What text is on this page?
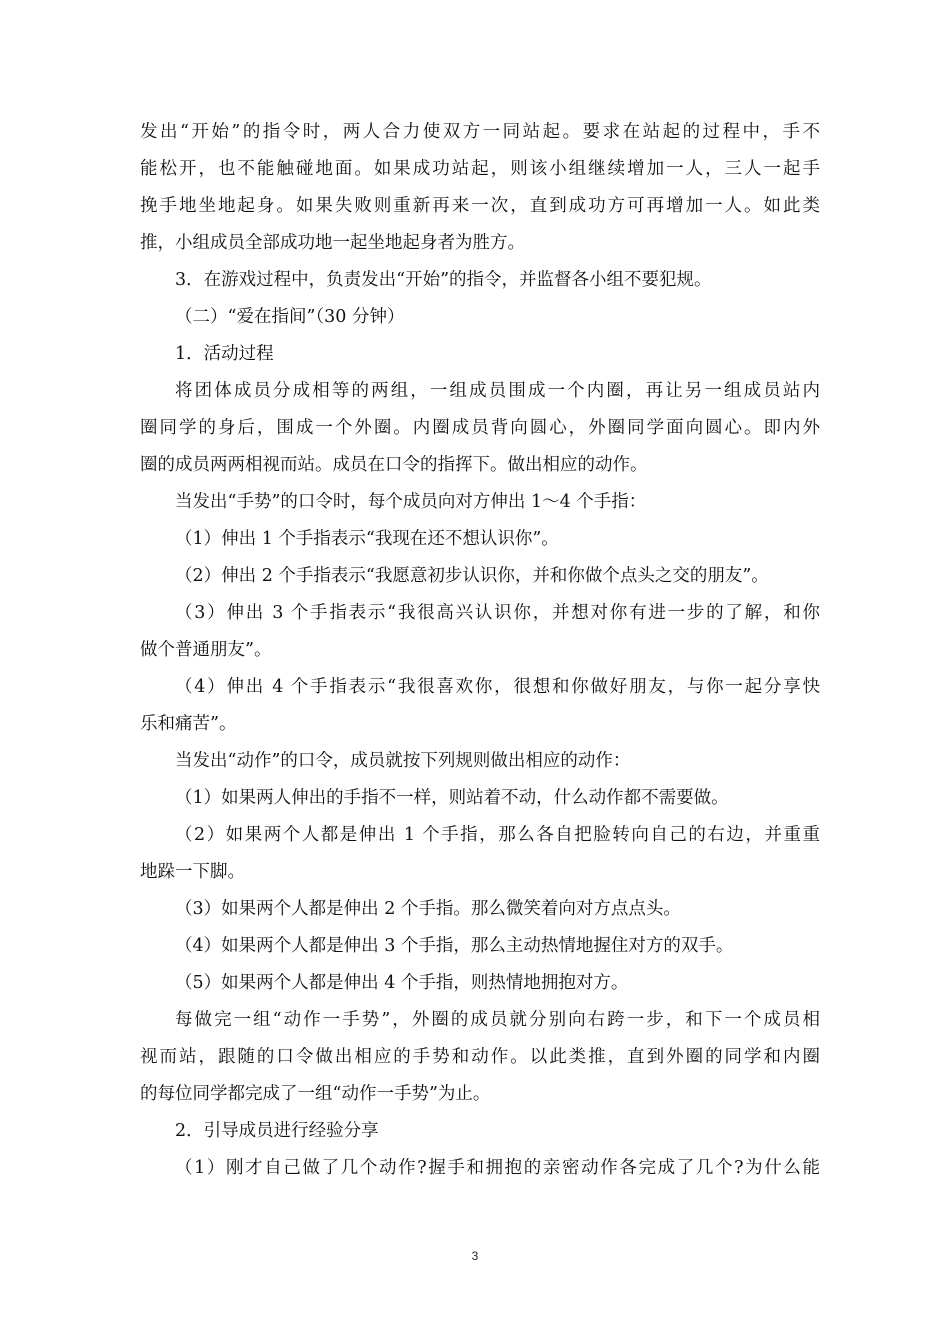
发出“开始”的指令时，两人合力使双方一同站起。要求在站起的过程中，手不
能松开，也不能触碰地面。如果成功站起，则该小组继续增加一人，三人一起手
挽手地坐地起身。如果失败则重新再来一次，直到成功方可再增加一人。如此类
推，小组成员全部成功地一起坐地起身者为胜方。
3．在游戏过程中，负责发出“开始”的指令，并监督各小组不要犯规。
（二）“爱在指间”（30 分钟）
1．活动过程
将团体成员分成相等的两组，一组成员围成一个内圈，再让另一组成员站内
圈同学的身后，围成一个外圈。内圈成员背向圆心，外圈同学面向圆心。即内外
圈的成员两两相视而站。成员在口令的指挥下。做出相应的动作。
当发出“手势”的口令时，每个成员向对方伸出 1～4 个手指：
（1）伸出 1 个手指表示“我现在还不想认识你”。
（2）伸出 2 个手指表示“我愿意初步认识你，并和你做个点头之交的朋友”。
（3）伸出 3 个手指表示“我很高兴认识你，并想对你有进一步的了解，和你
做个普通朋友”。
（4）伸出 4 个手指表示“我很喜欢你，很想和你做好朋友，与你一起分享快
乐和痛苦”。
当发出“动作”的口令，成员就按下列规则做出相应的动作：
（1）如果两人伸出的手指不一样，则站着不动，什么动作都不需要做。
（2）如果两个人都是伸出 1 个手指，那么各自把脸转向自己的右边，并重重
地跺一下脚。
（3）如果两个人都是伸出 2 个手指。那么微笑着向对方点点头。
（4）如果两个人都是伸出 3 个手指，那么主动热情地握住对方的双手。
（5）如果两个人都是伸出 4 个手指，则热情地拥抱对方。
每做完一组“动作一手势”，外圈的成员就分别向右跨一步，和下一个成员相
视而站，跟随的口令做出相应的手势和动作。以此类推，直到外圈的同学和内圈
的每位同学都完成了一组“动作一手势”为止。
2．引导成员进行经验分享
（1）刚才自己做了几个动作?握手和拥抱的亲密动作各完成了几个?为什么能
3
